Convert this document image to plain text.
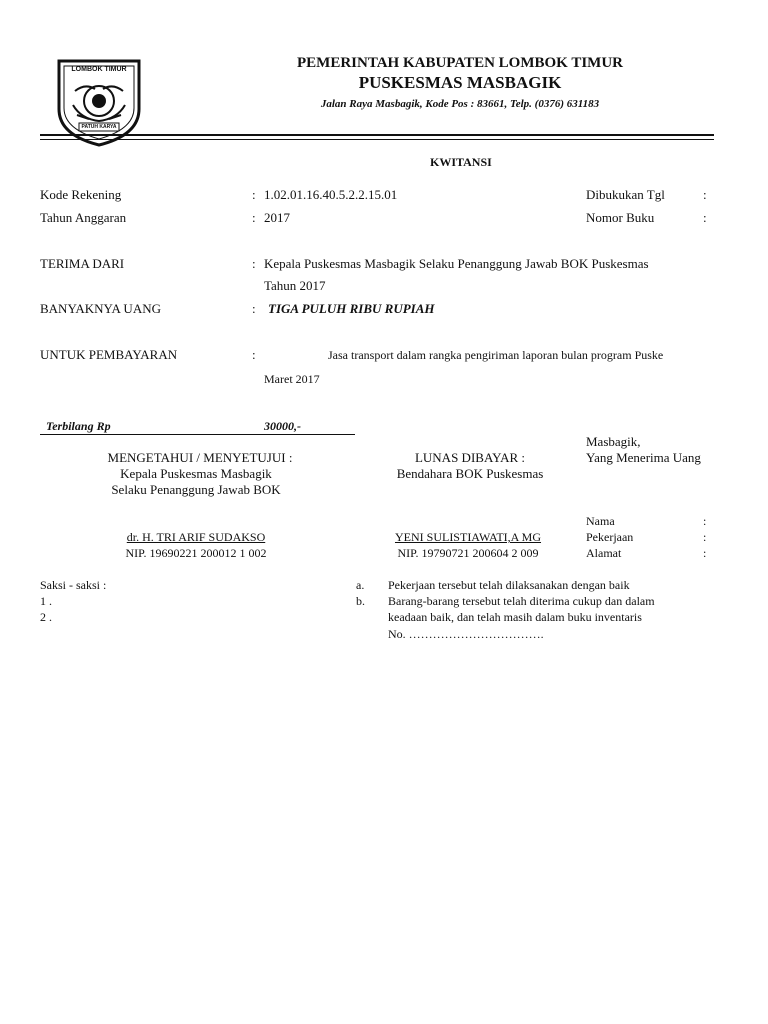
LOMBOK TIMUR
PATUH KARYA
PEMERINTAH KABUPATEN LOMBOK TIMUR
PUSKESMAS MASBAGIK
Jalan Raya Masbagik, Kode Pos : 83661, Telp. (0376) 631183
KWITANSI
Kode Rekening	: 1.02.01.16.40.5.2.2.15.01	Dibukukan Tgl	:
Tahun Anggaran	: 2017	Nomor Buku	:
TERIMA DARI	: Kepala Puskesmas Masbagik Selaku Penanggung Jawab BOK Puskesmas
Tahun 2017
BANYAKNYA UANG	: TIGA PULUH RIBU RUPIAH
UNTUK PEMBAYARAN	:	Jasa transport dalam rangka pengiriman laporan bulan program Puske
Maret 2017
Terbilang Rp	30000,-
Masbagik,
Yang Menerima Uang
MENGETAHUI / MENYETUJUI :
Kepala Puskesmas Masbagik
Selaku Penanggung Jawab BOK
LUNAS DIBAYAR :
Bendahara BOK Puskesmas
Nama	:
Pekerjaan	:
Alamat	:
dr. H. TRI ARIF SUDAKSO
NIP. 19690221 200012 1 002
YENI SULISTIAWATI,A MG
NIP. 19790721 200604 2 009
Saksi - saksi :
1 .
2 .
a. Pekerjaan tersebut telah dilaksanakan dengan baik
b. Barang-barang tersebut telah diterima cukup dan dalam
keadaan baik, dan telah masih dalam buku inventaris
No. …………………………….
